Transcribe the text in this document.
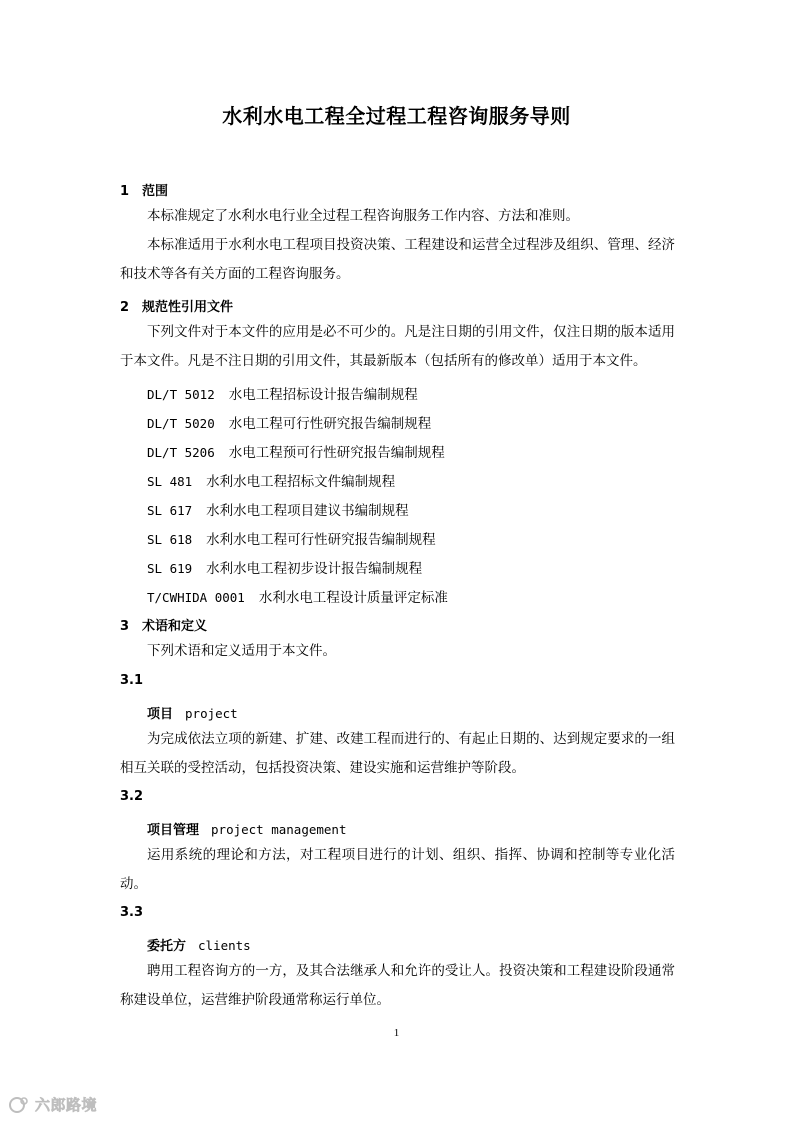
水利水电工程全过程工程咨询服务导则
1 范围

本标准规定了水利水电行业全过程工程咨询服务工作内容、方法和准则。

本标准适用于水利水电工程项目投资决策、工程建设和运营全过程涉及组织、管理、经济和技术等各有关方面的工程咨询服务。

2 规范性引用文件

下列文件对于本文件的应用是必不可少的。凡是注日期的引用文件，仅注日期的版本适用于本文件。凡是不注日期的引用文件，其最新版本（包括所有的修改单）适用于本文件。

DL/T 5012 水电工程招标设计报告编制规程
DL/T 5020 水电工程可行性研究报告编制规程
DL/T 5206 水电工程预可行性研究报告编制规程
SL 481 水利水电工程招标文件编制规程
SL 617 水利水电工程项目建议书编制规程
SL 618 水利水电工程可行性研究报告编制规程
SL 619 水利水电工程初步设计报告编制规程
T/CWHIDA 0001 水利水电工程设计质量评定标准
3 术语和定义

下列术语和定义适用于本文件。

3.1
项目 project

为完成依法立项的新建、扩建、改建工程而进行的、有起止日期的、达到规定要求的一组相互关联的受控活动，包括投资决策、建设实施和运营维护等阶段。

3.2
项目管理 project management

运用系统的理论和方法，对工程项目进行的计划、组织、指挥、协调和控制等专业化活动。

3.3
委托方 clients

聘用工程咨询方的一方，及其合法继承人和允许的受让人。投资决策和工程建设阶段通常称建设单位，运营维护阶段通常称运行单位。

1
六郎路境
